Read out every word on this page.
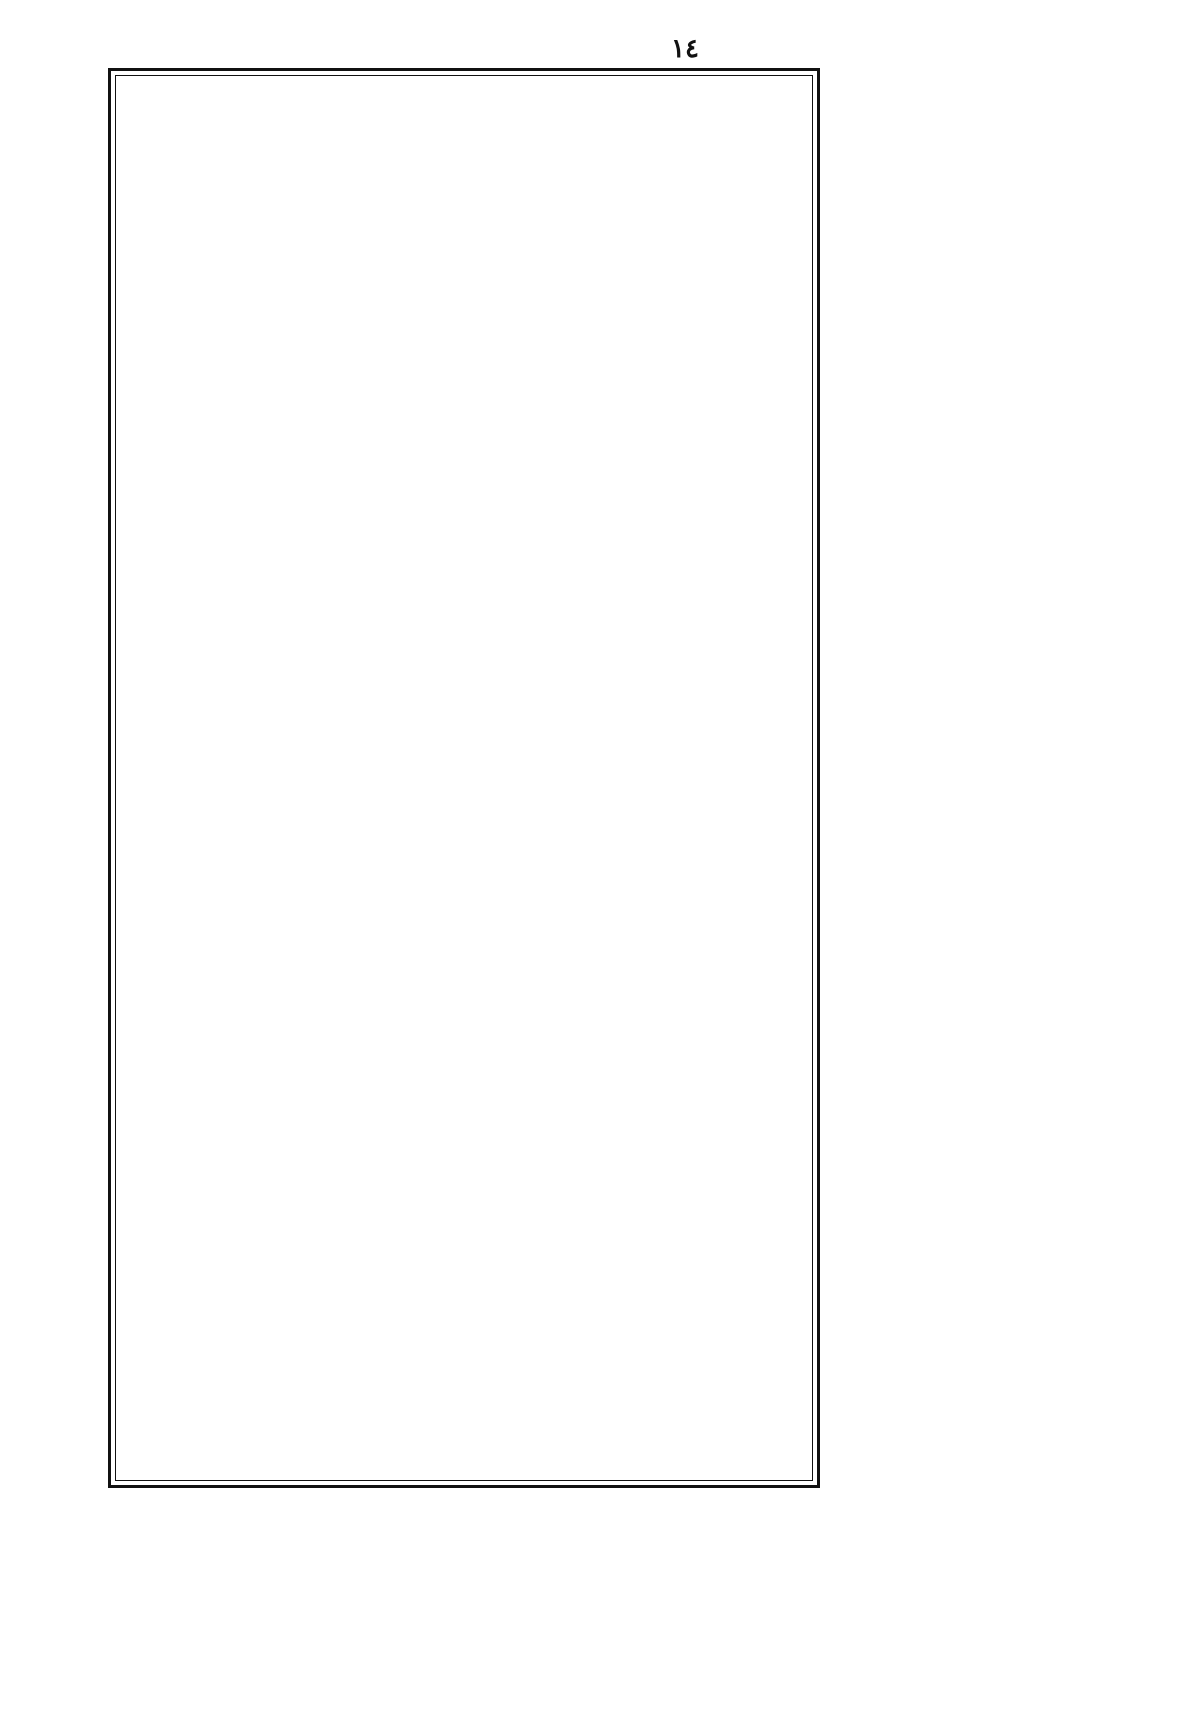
١٤
